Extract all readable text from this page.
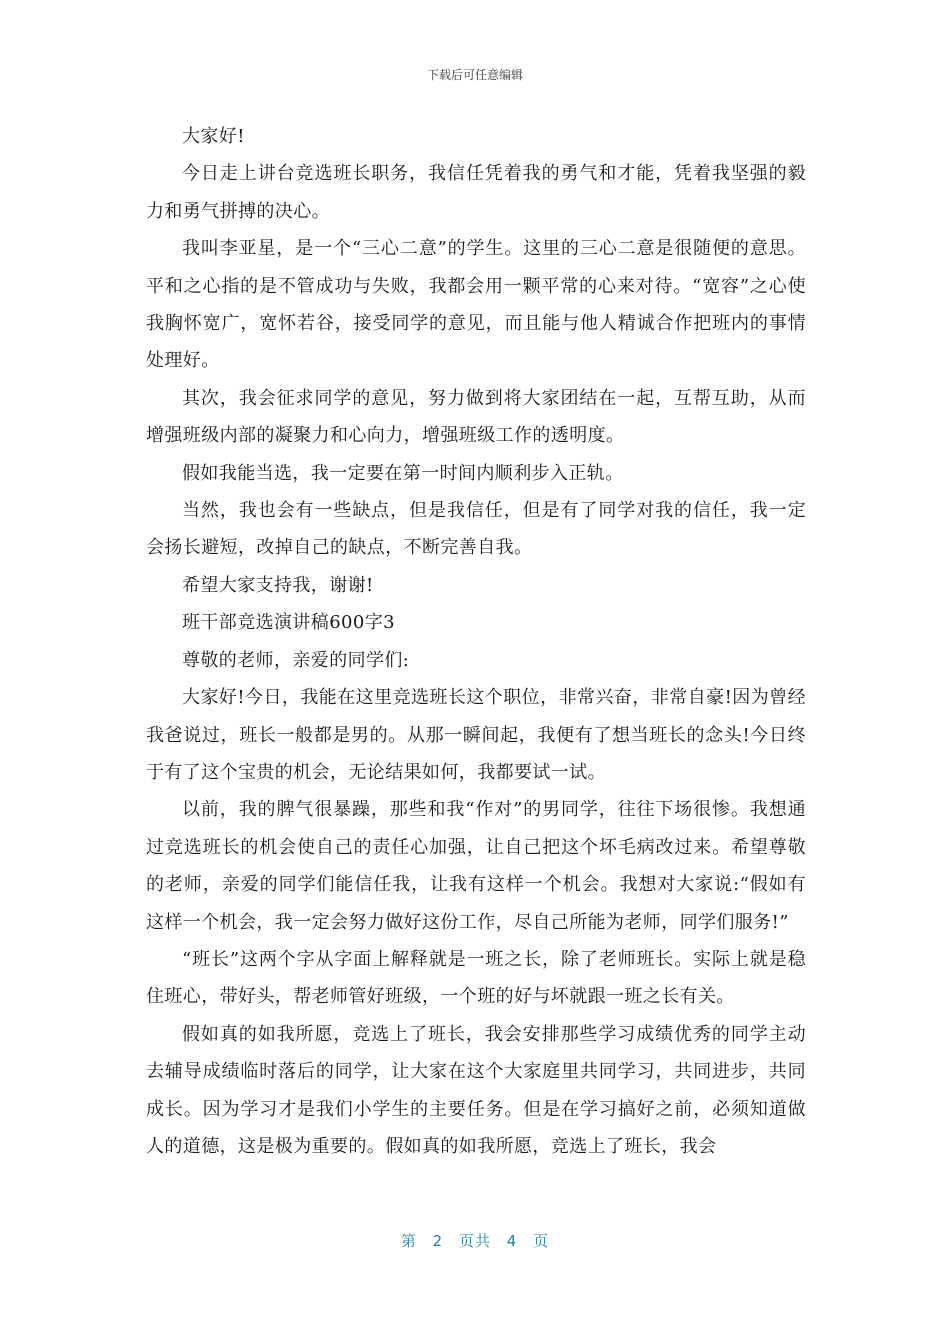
下载后可任意编辑

大家好!

今日走上讲台竞选班长职务，我信任凭着我的勇气和才能，凭着我坚强的毅力和勇气拼搏的决心。

我叫李亚星，是一个“三心二意”的学生。这里的三心二意是很随便的意思。平和之心指的是不管成功与失败，我都会用一颗平常的心来对待。“宽容”之心使我胸怀宽广，宽怀若谷，接受同学的意见，而且能与他人精诚合作把班内的事情处理好。

其次，我会征求同学的意见，努力做到将大家团结在一起，互帮互助，从而增强班级内部的凝聚力和心向力，增强班级工作的透明度。

假如我能当选，我一定要在第一时间内顺利步入正轨。

当然，我也会有一些缺点，但是我信任，但是有了同学对我的信任，我一定会扬长避短，改掉自己的缺点，不断完善自我。

希望大家支持我，谢谢!

班干部竞选演讲稿600字3

尊敬的老师，亲爱的同学们:

大家好!今日，我能在这里竞选班长这个职位，非常兴奋，非常自豪!因为曾经我爸说过，班长一般都是男的。从那一瞬间起，我便有了想当班长的念头!今日终于有了这个宝贵的机会，无论结果如何，我都要试一试。

以前，我的脾气很暴躁，那些和我“作对”的男同学，往往下场很惨。我想通过竞选班长的机会使自己的责任心加强，让自己把这个坏毛病改过来。希望尊敬的老师，亲爱的同学们能信任我，让我有这样一个机会。我想对大家说:“假如有这样一个机会，我一定会努力做好这份工作，尽自己所能为老师，同学们服务!”

“班长”这两个字从字面上解释就是一班之长，除了老师班长。实际上就是稳住班心，带好头，帮老师管好班级，一个班的好与坏就跟一班之长有关。

假如真的如我所愿，竞选上了班长，我会安排那些学习成绩优秀的同学主动去辅导成绩临时落后的同学，让大家在这个大家庭里共同学习，共同进步，共同成长。因为学习才是我们小学生的主要任务。但是在学习搞好之前，必须知道做人的道德，这是极为重要的。假如真的如我所愿，竞选上了班长，我会

第 2 页共 4 页
